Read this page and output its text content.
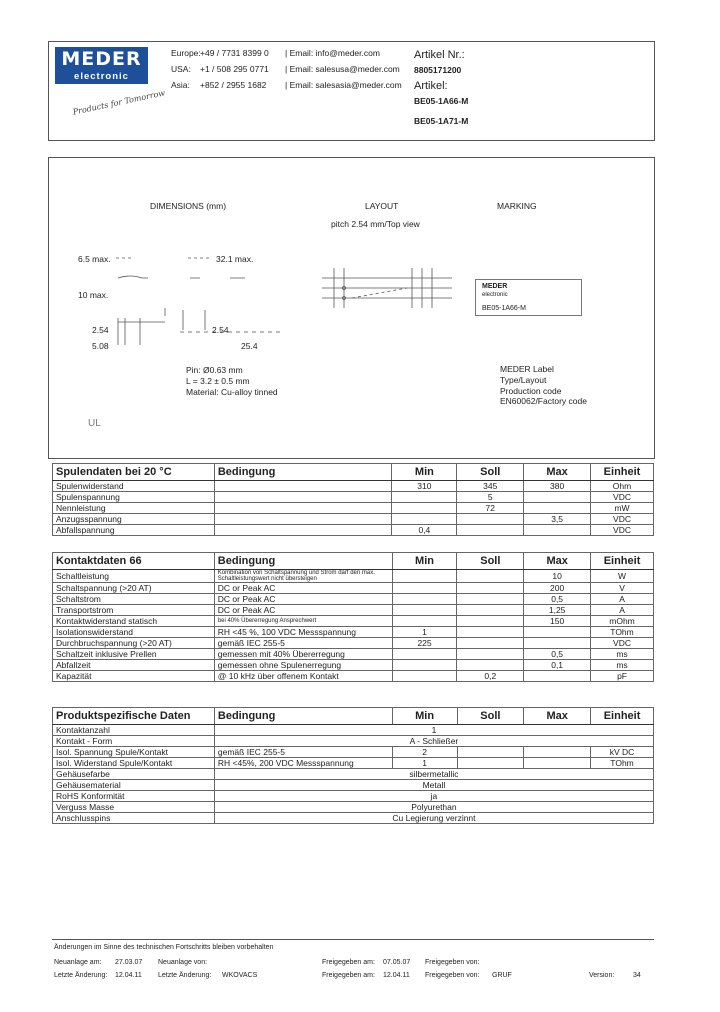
MEDER
electronic
Products for Tomorrow
Europe: +49 / 7731 8399 0 | Email: info@meder.com
USA: +1 / 508 295 0771 | Email: salesusa@meder.com
Asia: +852 / 2955 1682 | Email: salesasia@meder.com
Artikel Nr.:
8805171200
Artikel:
BE05-1A66-M
BE05-1A71-M
DIMENSIONS (mm)	LAYOUT	MARKING
pitch 2.54 mm/Top view
6.5 max.	32.1 max.
10 max.
2.54
5.08
2.54
25.4
Pin: Ø0.63 mm
L = 3.2 ± 0.5 mm
Material: Cu-alloy tinned
UL
MEDER
electronic
BE05-1A66-M
MEDER Label
Type/Layout
Production code
EN60062/Factory code
Spulendaten bei 20 °C	Bedingung	Min	Soll	Max	Einheit
Spulenwiderstand		310	345	380	Ohm
Spulenspannung			5		VDC
Nennleistung			72		mW
Anzugsspannung				3,5	VDC
Abfallspannung		0,4			VDC
Kontaktdaten 66	Bedingung	Min	Soll	Max	Einheit
Schaltleistung	Kombination von Schaltspannung und Strom darf den max. Schaltleistungswert nicht übersteigen			10	W
Schaltspannung (>20 AT)	DC or Peak AC			200	V
Schaltstrom	DC or Peak AC			0,5	A
Transportstrom	DC or Peak AC			1,25	A
Kontaktwiderstand statisch	bei 40% Übererregung Ansprechwert			150	mOhm
Isolationswiderstand	RH <45 %, 100 VDC Messspannung	1			TOhm
Durchbruchspannung (>20 AT)	gemäß IEC 255-5	225			VDC
Schaltzeit inklusive Prellen	gemessen mit 40% Übererregung			0,5	ms
Abfallzeit	gemessen ohne Spulenerregung			0,1	ms
Kapazität	@ 10 kHz über offenem Kontakt		0,2		pF
Produktspezifische Daten	Bedingung	Min	Soll	Max	Einheit
Kontaktanzahl	1				
Kontakt - Form	A - Schließer				
Isol. Spannung Spule/Kontakt	gemäß IEC 255-5	2			kV DC
Isol. Widerstand Spule/Kontakt	RH <45%, 200 VDC Messspannung	1			TOhm
Gehäusefarbe	silbermetallic				
Gehäusematerial	Metall				
RoHS Konformität	ja				
Verguss Masse	Polyurethan				
Anschlusspins	Cu Legierung verzinnt				
Änderungen im Sinne des technischen Fortschritts bleiben vorbehalten
Neuanlage am: 27.03.07 Neuanlage von:	Freigegeben am: 07.05.07 Freigegeben von:
Letzte Änderung: 12.04.11 Letzte Änderung: WKOVACS	Freigegeben am: 12.04.11 Freigegeben von: GRUF	Version:	34
